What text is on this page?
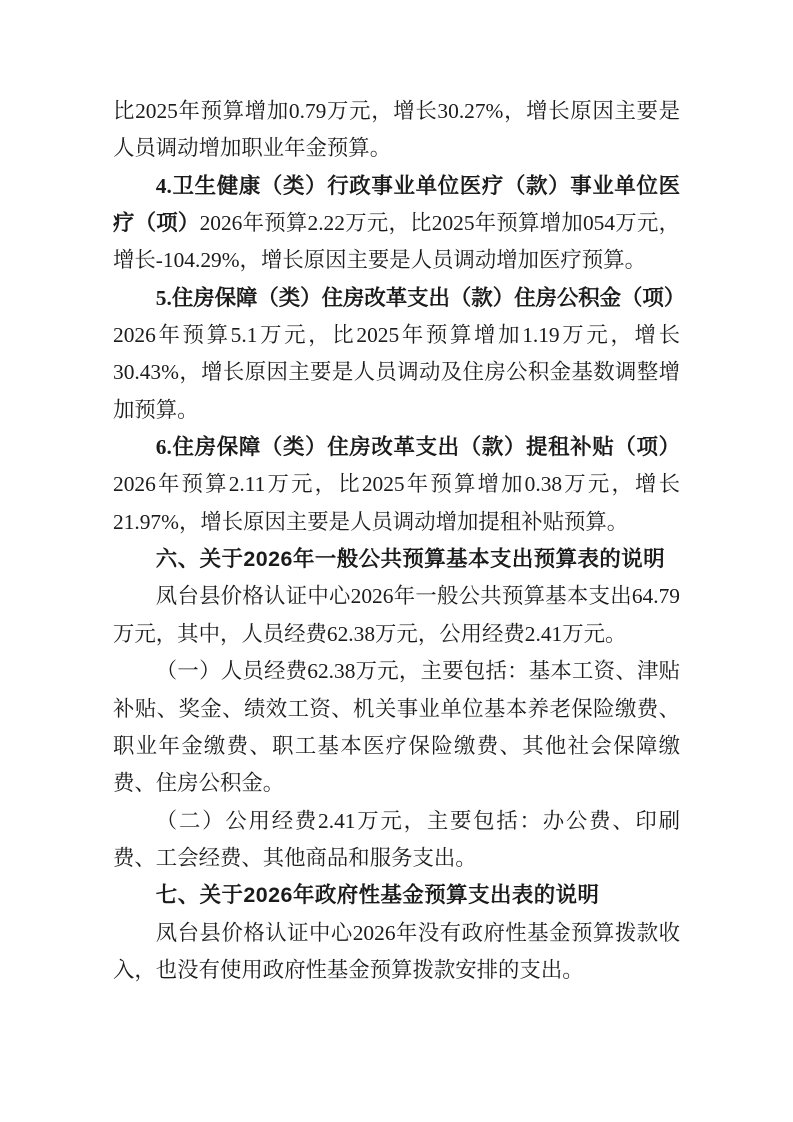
比2025年预算增加0.79万元，增长30.27%，增长原因主要是人员调动增加职业年金预算。

4.卫生健康（类）行政事业单位医疗（款）事业单位医疗（项）2026年预算2.22万元，比2025年预算增加054万元，增长-104.29%，增长原因主要是人员调动增加医疗预算。

5.住房保障（类）住房改革支出（款）住房公积金（项）2026年预算5.1万元，比2025年预算增加1.19万元，增长30.43%，增长原因主要是人员调动及住房公积金基数调整增加预算。

6.住房保障（类）住房改革支出（款）提租补贴（项）2026年预算2.11万元，比2025年预算增加0.38万元，增长21.97%，增长原因主要是人员调动增加提租补贴预算。

六、关于2026年一般公共预算基本支出预算表的说明

凤台县价格认证中心2026年一般公共预算基本支出64.79万元，其中，人员经费62.38万元，公用经费2.41万元。

（一）人员经费62.38万元，主要包括：基本工资、津贴补贴、奖金、绩效工资、机关事业单位基本养老保险缴费、职业年金缴费、职工基本医疗保险缴费、其他社会保障缴费、住房公积金。

（二）公用经费2.41万元，主要包括：办公费、印刷费、工会经费、其他商品和服务支出。

七、关于2026年政府性基金预算支出表的说明

凤台县价格认证中心2026年没有政府性基金预算拨款收入，也没有使用政府性基金预算拨款安排的支出。
